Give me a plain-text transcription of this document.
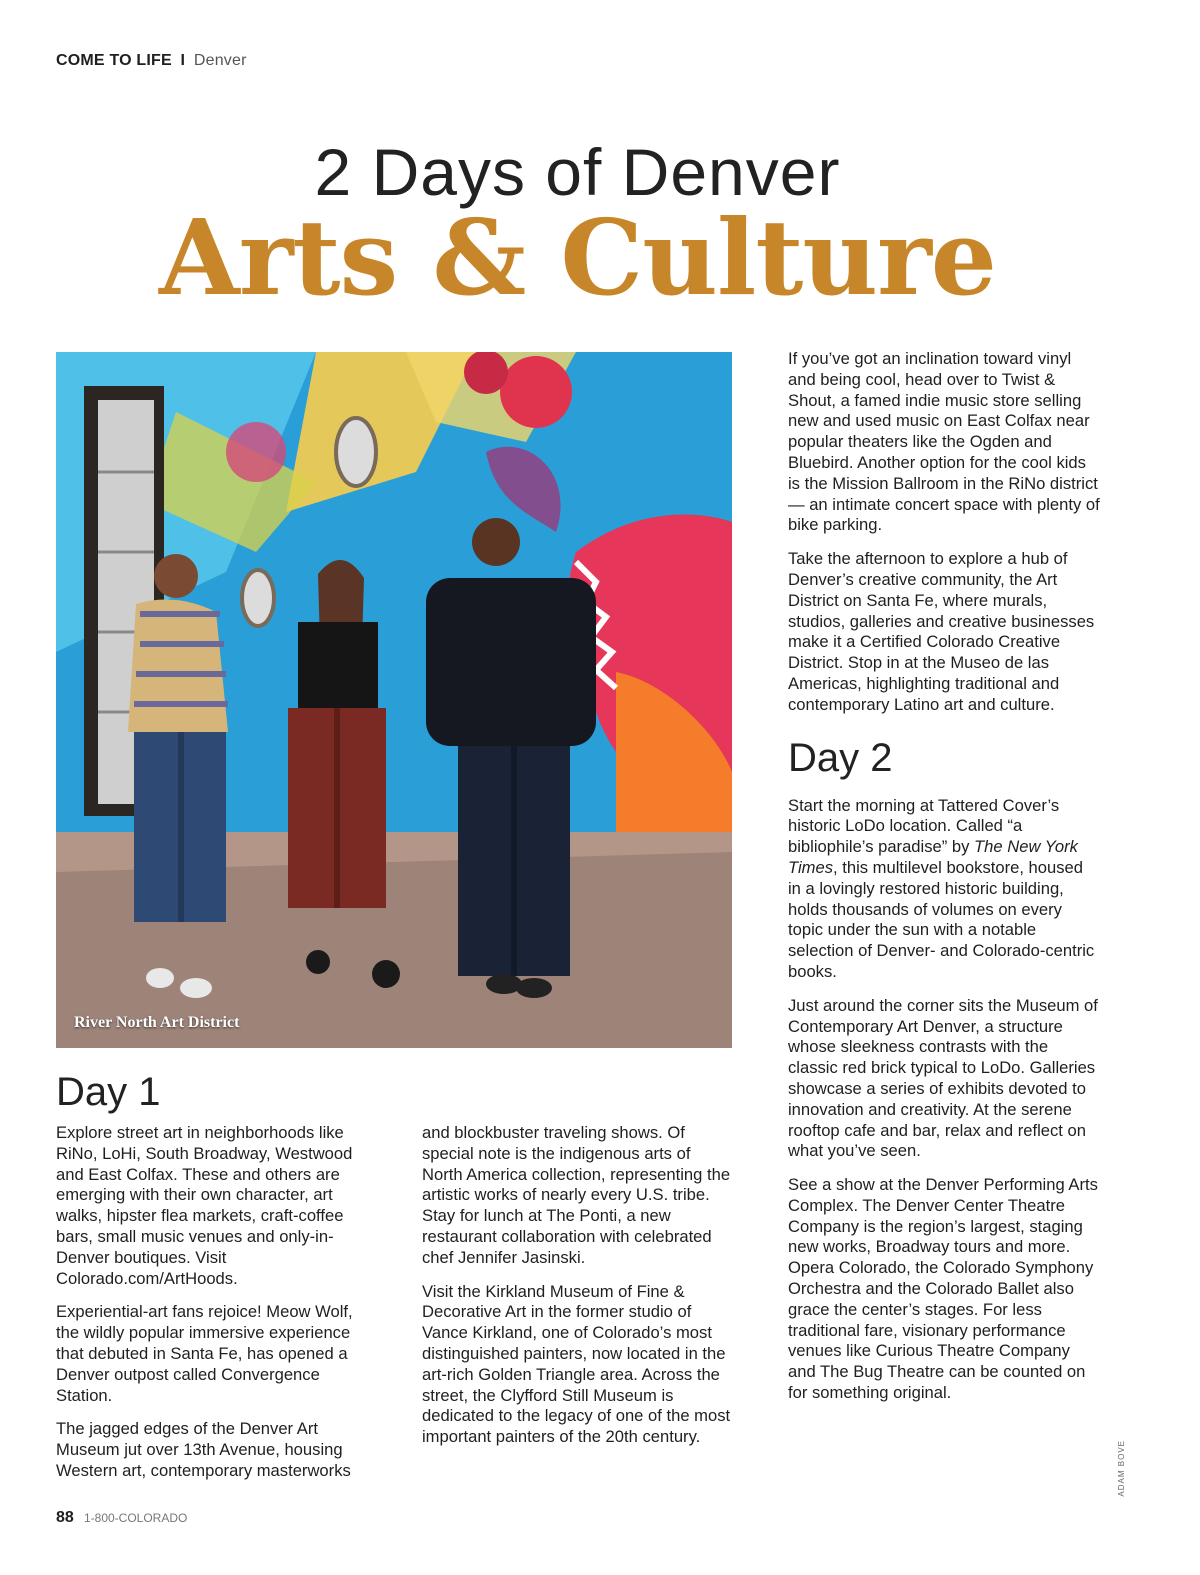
COME TO LIFE I Denver
2 Days of Denver
Arts & Culture
River North Art District

If you’ve got an inclination toward vinyl and being cool, head over to Twist & Shout, a famed indie music store selling new and used music on East Colfax near popular theaters like the Ogden and Bluebird. Another option for the cool kids is the Mission Ballroom in the RiNo district — an intimate concert space with plenty of bike parking.

Take the afternoon to explore a hub of Denver’s creative community, the Art District on Santa Fe, where murals, studios, galleries and creative businesses make it a Certified Colorado Creative District. Stop in at the Museo de las Americas, highlighting traditional and contemporary Latino art and culture.

Day 2

Start the morning at Tattered Cover’s historic LoDo location. Called “a bibliophile’s paradise” by The New York Times, this multilevel bookstore, housed in a lovingly restored historic building, holds thousands of volumes on every topic under the sun with a notable selection of Denver- and Colorado-centric books.

Just around the corner sits the Museum of Contemporary Art Denver, a structure whose sleekness contrasts with the classic red brick typical to LoDo. Galleries showcase a series of exhibits devoted to innovation and creativity. At the serene rooftop cafe and bar, relax and reflect on what you’ve seen.

See a show at the Denver Performing Arts Complex. The Denver Center Theatre Company is the region’s largest, staging new works, Broadway tours and more. Opera Colorado, the Colorado Symphony Orchestra and the Colorado Ballet also grace the center’s stages. For less traditional fare, visionary performance venues like Curious Theatre Company and The Bug Theatre can be counted on for something original.

Day 1

Explore street art in neighborhoods like RiNo, LoHi, South Broadway, Westwood and East Colfax. These and others are emerging with their own character, art walks, hipster flea markets, craft-coffee bars, small music venues and only-in-Denver boutiques. Visit Colorado.com/ArtHoods.

Experiential-art fans rejoice! Meow Wolf, the wildly popular immersive experience that debuted in Santa Fe, has opened a Denver outpost called Convergence Station.

The jagged edges of the Denver Art Museum jut over 13th Avenue, housing Western art, contemporary masterworks

and blockbuster traveling shows. Of special note is the indigenous arts of North America collection, representing the artistic works of nearly every U.S. tribe. Stay for lunch at The Ponti, a new restaurant collaboration with celebrated chef Jennifer Jasinski.

Visit the Kirkland Museum of Fine & Decorative Art in the former studio of Vance Kirkland, one of Colorado’s most distinguished painters, now located in the art-rich Golden Triangle area. Across the street, the Clyfford Still Museum is dedicated to the legacy of one of the most important painters of the 20th century.

ADAM BOVE
88 1-800-COLORADO
